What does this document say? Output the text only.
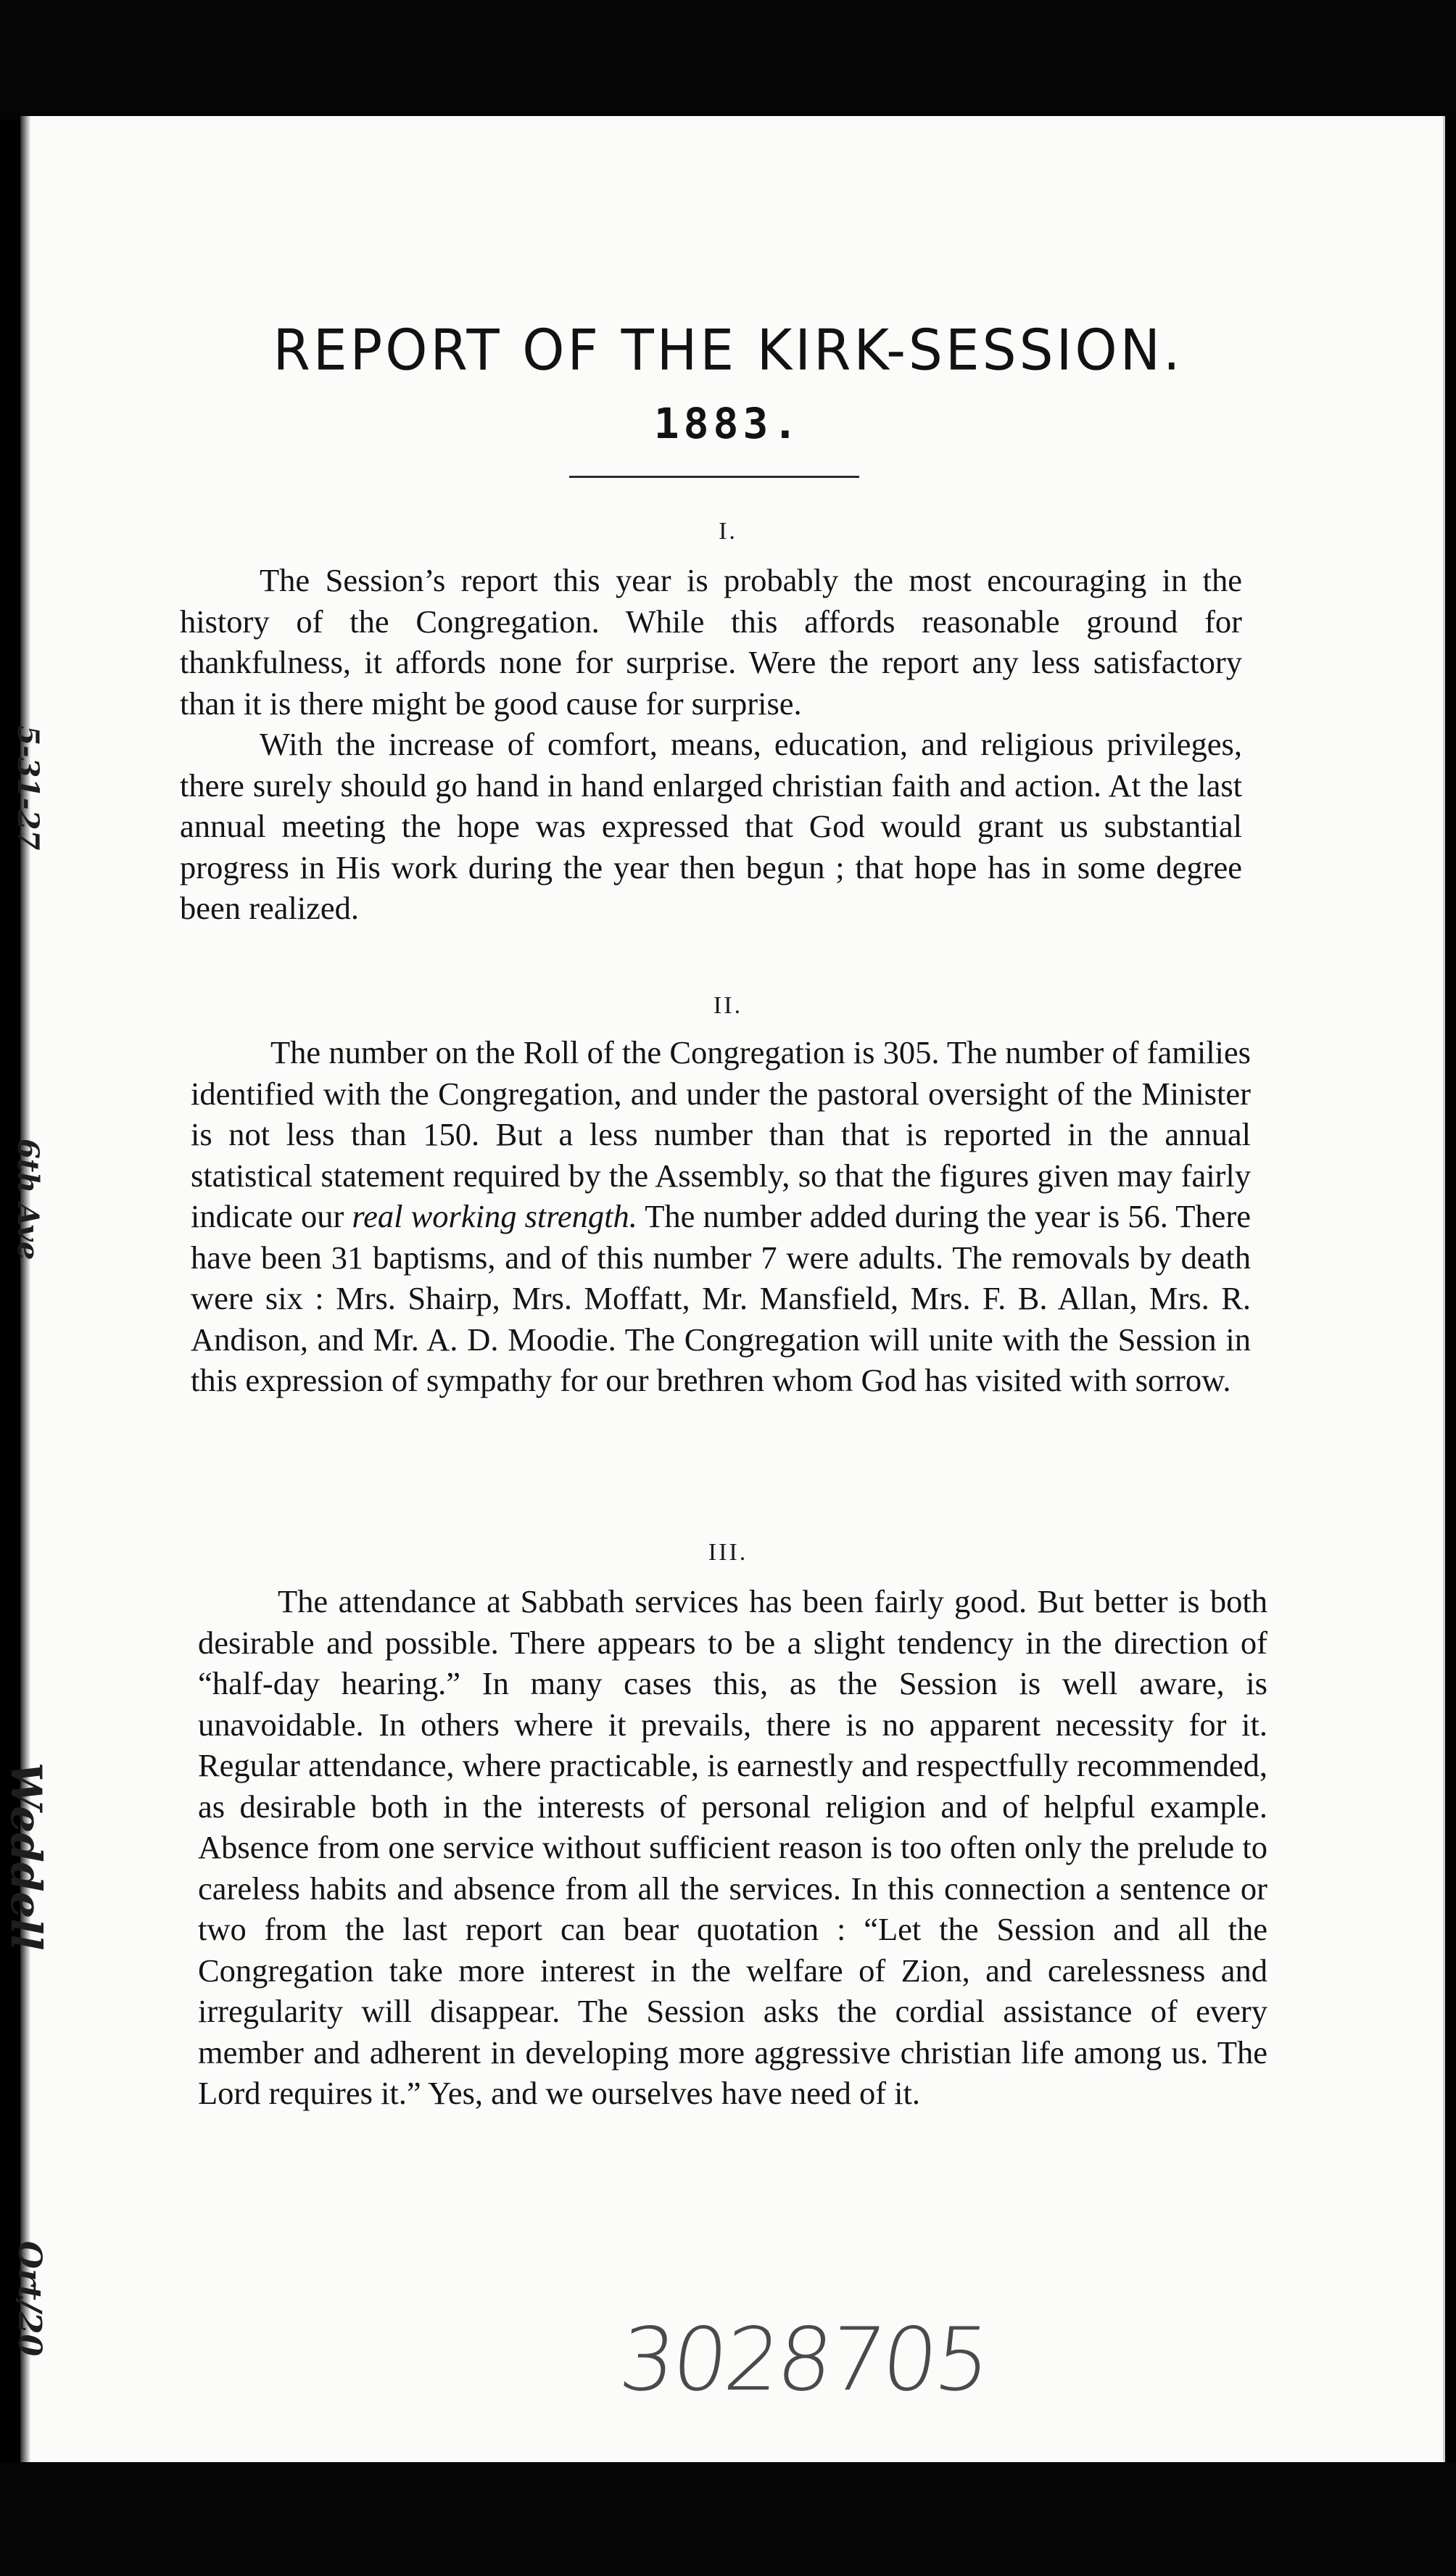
5-31-27
6th Ave
Weddell
Ort/20
REPORT OF THE KIRK-SESSION.
1883.
I.

The Session’s report this year is probably the most encouraging in the history of the Congregation. While this affords reasonable ground for thankfulness, it affords none for surprise. Were the report any less satisfactory than it is there might be good cause for surprise.

With the increase of comfort, means, education, and religious privileges, there surely should go hand in hand enlarged christian faith and action. At the last annual meeting the hope was expressed that God would grant us substantial progress in His work during the year then begun ; that hope has in some degree been realized.

II.

The number on the Roll of the Congregation is 305. The number of families identified with the Congregation, and under the pastoral oversight of the Minister is not less than 150. But a less number than that is reported in the annual statistical statement required by the Assembly, so that the figures given may fairly indicate our real working strength. The number added during the year is 56. There have been 31 baptisms, and of this number 7 were adults. The removals by death were six : Mrs. Shairp, Mrs. Moffatt, Mr. Mansfield, Mrs. F. B. Allan, Mrs. R. Andison, and Mr. A. D. Moodie. The Congregation will unite with the Session in this expression of sympathy for our brethren whom God has visited with sorrow.

III.

The attendance at Sabbath services has been fairly good. But better is both desirable and possible. There appears to be a slight tendency in the direction of “half-day hearing.” In many cases this, as the Session is well aware, is unavoidable. In others where it prevails, there is no apparent necessity for it. Regular attendance, where practicable, is earnestly and respectfully recommended, as desirable both in the interests of personal religion and of helpful example. Absence from one service without sufficient reason is too often only the prelude to careless habits and absence from all the services. In this connection a sentence or two from the last report can bear quotation : “Let the Session and all the Congregation take more interest in the welfare of Zion, and carelessness and irregularity will disappear. The Session asks the cordial assistance of every member and adherent in developing more aggressive christian life among us. The Lord requires it.” Yes, and we ourselves have need of it.

3028705
